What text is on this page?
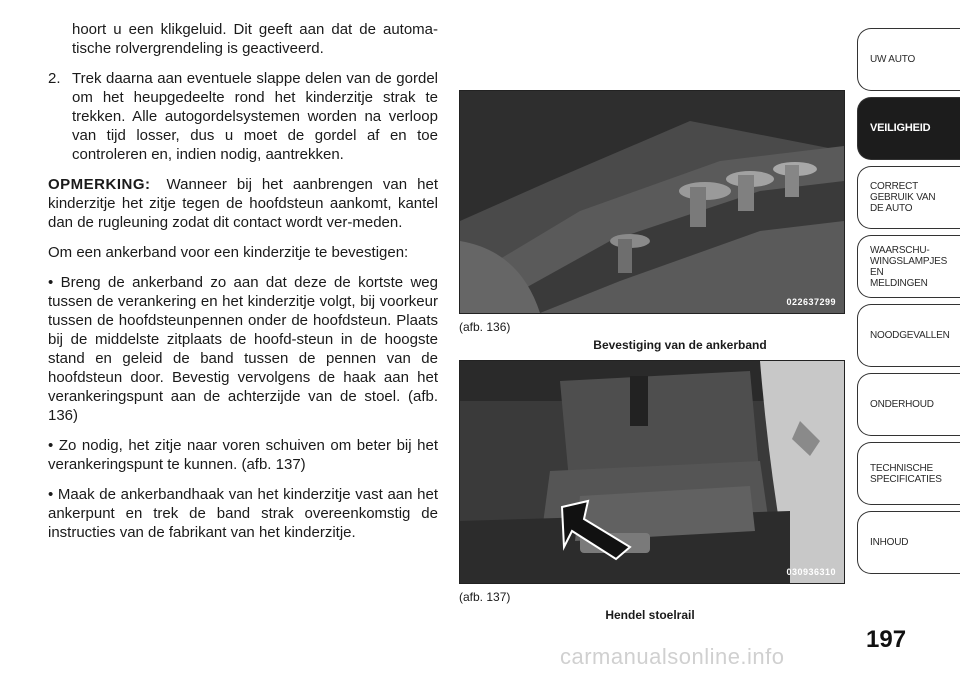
hoort u een klikgeluid. Dit geeft aan dat de automa-tische rolvergrendeling is geactiveerd.

2. Trek daarna aan eventuele slappe delen van de gordel om het heupgedeelte rond het kinderzitje strak te trekken. Alle autogordelsystemen worden na verloop van tijd losser, dus u moet de gordel af en toe controleren en, indien nodig, aantrekken.

OPMERKING: Wanneer bij het aanbrengen van het kinderzitje het zitje tegen de hoofdsteun aankomt, kantel dan de rugleuning zodat dit contact wordt ver-meden.

Om een ankerband voor een kinderzitje te bevestigen:

• Breng de ankerband zo aan dat deze de kortste weg tussen de verankering en het kinderzitje volgt, bij voorkeur tussen de hoofdsteunpennen onder de hoofdsteun. Plaats bij de middelste zitplaats de hoofd-steun in de hoogste stand en geleid de band tussen de pennen van de hoofdsteun door. Bevestig vervolgens de haak aan het verankeringspunt aan de achterzijde van de stoel. (afb. 136)

• Zo nodig, het zitje naar voren schuiven om beter bij het verankeringspunt te kunnen. (afb. 137)

• Maak de ankerbandhaak van het kinderzitje vast aan het ankerpunt en trek de band strak overeenkomstig de instructies van de fabrikant van het kinderzitje.

022637299
(afb. 136)
Bevestiging van de ankerband
030936310
(afb. 137)
Hendel stoelrail
UW AUTO
VEILIGHEID
CORRECT GEBRUIK VAN DE AUTO
WAARSCHU-WINGSLAMPJES EN MELDINGEN
NOODGEVALLEN
ONDERHOUD
TECHNISCHE SPECIFICATIES
INHOUD
197
carmanualsonline.info
